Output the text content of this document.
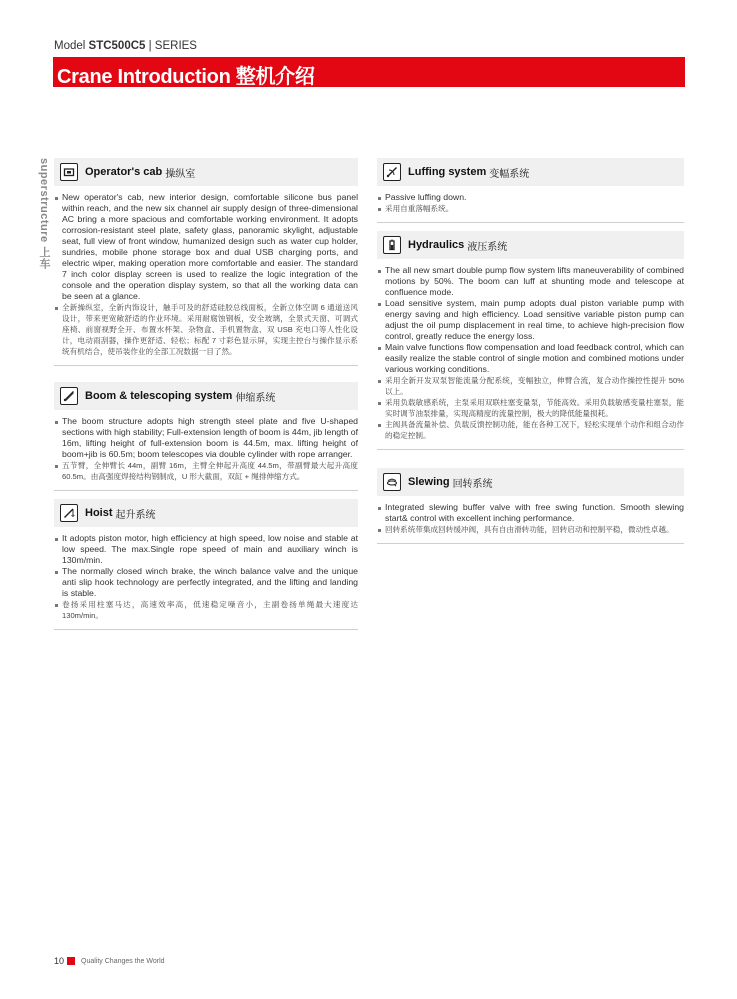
Model STC500C5 | SERIES
Crane Introduction 整机介绍
superstructure 上车	Operator's cab 操纵室
New operator's cab, new interior design, comfortable silicone bus panel within reach, and the new six channel air supply design of three-dimensional AC bring a more spacious and comfortable working environment. It adopts corrosion-resistant steel plate, safety glass, panoramic skylight, adjustable seat, full view of front window, humanized design such as water cup holder, sundries, mobile phone storage box and dual USB charging ports, and electric wiper, making operation more comfortable and easier. The standard 7 inch color display screen is used to realize the logic integration of the console and the operation display system, so that all the working data can be seen at a glance.
全新操纵室，全新内饰设计，触手可及的舒适硅胶总线面板，全新立体空调 6 通道送风设计，带来更宽敞舒适的作业环境。采用耐腐蚀钢板，安全玻璃，全景式天窗、可调式座椅、前窗视野全开、布置水杯架、杂物盒、手机置物盒、双 USB 充电口等人性化设计，电动雨刮器，操作更舒适、轻松；标配 7 寸彩色显示屏，实现主控台与操作显示系统有机结合，使吊装作业的全部工况数据一目了然。
Boom & telescoping system 伸缩系统
The boom structure adopts high strength steel plate and five U-shaped sections with high stability; Full-extension length of boom is 44m, jib length of 16m, lifting height of full-extension boom is 44.5m, max. lifting height of boom+jib is 60.5m; boom telescopes via double cylinder with rope arranger.
五节臂，全伸臂长 44m，副臂 16m，主臂全伸起升高度 44.5m，带副臂最大起升高度 60.5m。由高强度焊接结构钢制成，U 形大截面，双缸 + 绳排伸缩方式。
Hoist 起升系统
It adopts piston motor, high efficiency at high speed, low noise and stable at low speed. The max.Single rope speed of main and auxiliary winch is 130m/min.
The normally closed winch brake, the winch balance valve and the unique anti slip hook technology are perfectly integrated, and the lifting and landing is stable.
卷扬采用柱塞马达，高速效率高，低速稳定噪音小，主副卷扬单绳最大速度达 130m/min。
Luffing system 变幅系统
Passive luffing down.
采用自重落幅系统。
Hydraulics 液压系统
The all new smart double pump flow system lifts maneuverability of combined motions by 50%. The boom can luff at shunting mode and telescope at confluence mode.
Load sensitive system, main pump adopts dual piston variable pump with energy saving and high efficiency. Load sensitive variable piston pump can adjust the oil pump displacement in real time, to achieve high-precision flow control, greatly reduce the energy loss.
Main valve functions flow compensation and load feedback control, which can easily realize the stable control of single motion and combined motions under various working conditions.
采用全新开发双泵智能流量分配系统，变幅独立，伸臂合流，复合动作操控性提升 50% 以上。
采用负载敏感系统，主泵采用双联柱塞变量泵，节能高效。采用负载敏感变量柱塞泵，能实时调节油泵排量，实现高精度的流量控制，极大的降低能量损耗。
主阀具备流量补偿、负载反馈控制功能，能在各种工况下，轻松实现单个动作和组合动作的稳定控制。
Slewing 回转系统
Integrated slewing buffer valve with free swing function. Smooth slewing start& control with excellent inching performance.
回转系统带集成回转缓冲阀，具有自由滑转功能，回转启动和控制平稳，微动性卓越。
10 Quality Changes the World
